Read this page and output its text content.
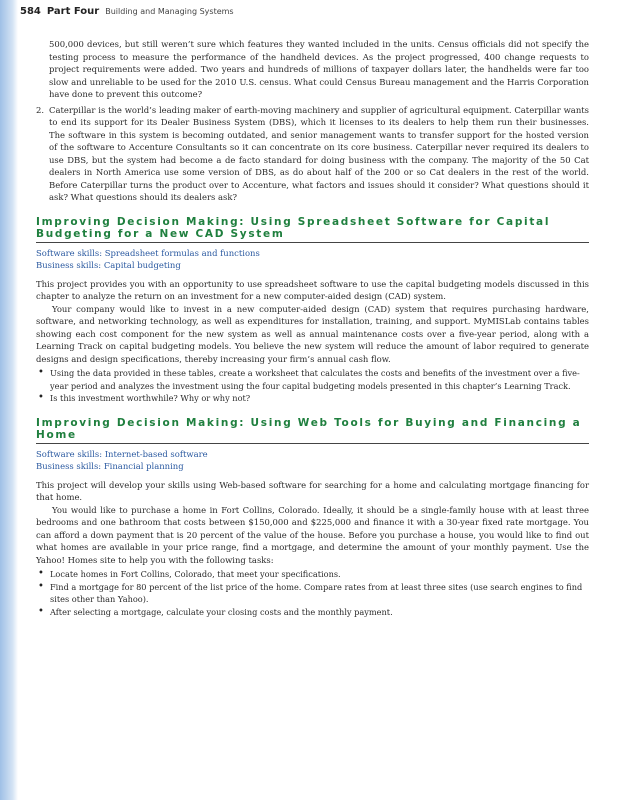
584 Part Four Building and Managing Systems

500,000 devices, but still weren’t sure which features they wanted included in the units. Census officials did not specify the testing process to measure the performance of the handheld devices. As the project progressed, 400 change requests to project requirements were added. Two years and hundreds of millions of taxpayer dollars later, the handhelds were far too slow and unreliable to be used for the 2010 U.S. census. What could Census Bureau management and the Harris Corporation have done to prevent this outcome?

2. Caterpillar is the world’s leading maker of earth-moving machinery and supplier of agricultural equipment. Caterpillar wants to end its support for its Dealer Business System (DBS), which it licenses to its dealers to help them run their businesses. The software in this system is becoming outdated, and senior management wants to transfer support for the hosted version of the software to Accenture Consultants so it can concentrate on its core business. Caterpillar never required its dealers to use DBS, but the system had become a de facto standard for doing business with the company. The majority of the 50 Cat dealers in North America use some version of DBS, as do about half of the 200 or so Cat dealers in the rest of the world. Before Caterpillar turns the product over to Accenture, what factors and issues should it consider? What questions should it ask? What questions should its dealers ask?
Improving Decision Making: Using Spreadsheet Software for Capital Budgeting for a New CAD System

Software skills: Spreadsheet formulas and functions

Business skills: Capital budgeting

This project provides you with an opportunity to use spreadsheet software to use the capital budgeting models discussed in this chapter to analyze the return on an investment for a new computer-aided design (CAD) system.

Your company would like to invest in a new computer-aided design (CAD) system that requires purchasing hardware, software, and networking technology, as well as expenditures for installation, training, and support. MyMISLab contains tables showing each cost component for the new system as well as annual maintenance costs over a five-year period, along with a Learning Track on capital budgeting models. You believe the new system will reduce the amount of labor required to generate designs and design specifications, thereby increasing your firm’s annual cash flow.

• Using the data provided in these tables, create a worksheet that calculates the costs and benefits of the investment over a five-year period and analyzes the investment using the four capital budgeting models presented in this chapter’s Learning Track.
• Is this investment worthwhile? Why or why not?
Improving Decision Making: Using Web Tools for Buying and Financing a Home

Software skills: Internet-based software

Business skills: Financial planning

This project will develop your skills using Web-based software for searching for a home and calculating mortgage financing for that home.

You would like to purchase a home in Fort Collins, Colorado. Ideally, it should be a single-family house with at least three bedrooms and one bathroom that costs between $150,000 and $225,000 and finance it with a 30-year fixed rate mortgage. You can afford a down payment that is 20 percent of the value of the house. Before you purchase a house, you would like to find out what homes are available in your price range, find a mortgage, and determine the amount of your monthly payment. Use the Yahoo! Homes site to help you with the following tasks:

• Locate homes in Fort Collins, Colorado, that meet your specifications.
• Find a mortgage for 80 percent of the list price of the home. Compare rates from at least three sites (use search engines to find sites other than Yahoo).
• After selecting a mortgage, calculate your closing costs and the monthly payment.
